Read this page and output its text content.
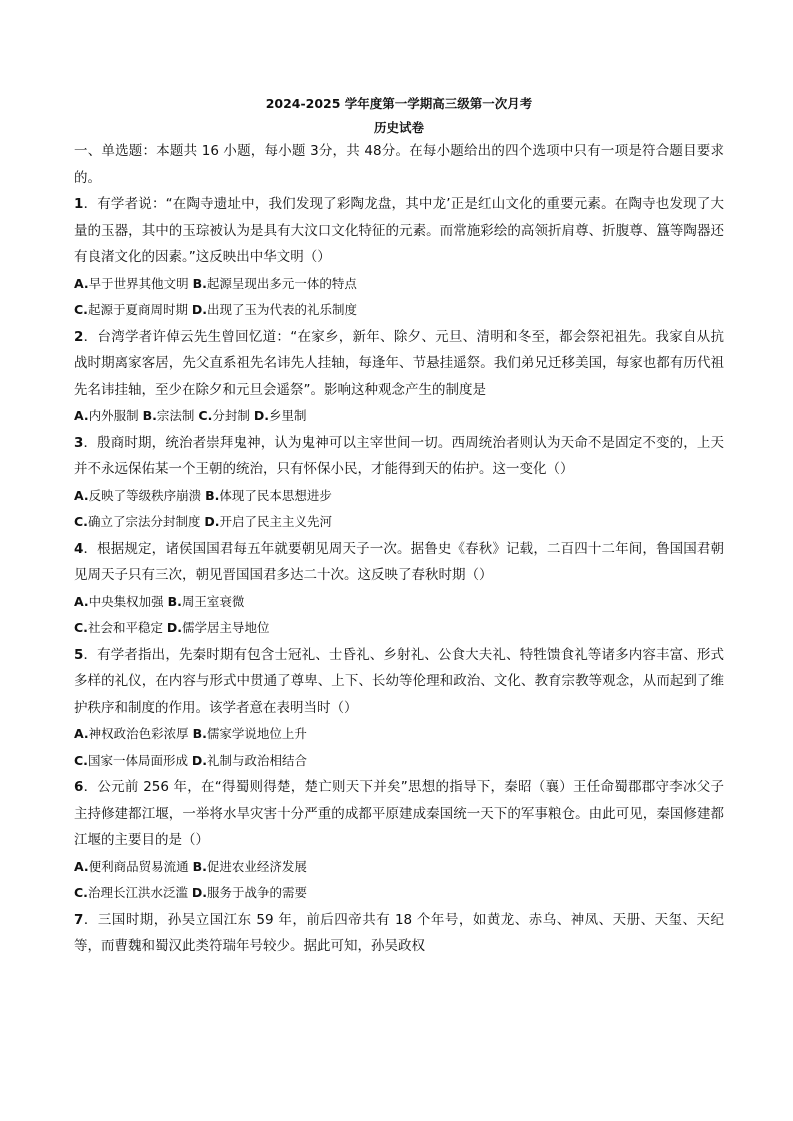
2024-2025 学年度第一学期高三级第一次月考

历史试卷

一、单选题：本题共 16 小题，每小题 3分，共 48分。在每小题给出的四个选项中只有一项是符合题目要求的。

1．有学者说：“在陶寺遗址中，我们发现了彩陶龙盘，其中龙’正是红山文化的重要元素。在陶寺也发现了大量的玉器，其中的玉琮被认为是具有大汶口文化特征的元素。而常施彩绘的高领折肩尊、折腹尊、簋等陶器还有良渚文化的因素。”这反映出中华文明（）

A.早于世界其他文明 B.起源呈现出多元一体的特点

C.起源于夏商周时期 D.出现了玉为代表的礼乐制度

2．台湾学者许倬云先生曾回忆道：“在家乡，新年、除夕、元旦、清明和冬至，都会祭祀祖先。我家自从抗战时期离家客居，先父直系祖先名讳先人挂轴，每逢年、节悬挂遥祭。我们弟兄迁移美国，每家也都有历代祖先名讳挂轴，至少在除夕和元旦会遥祭”。影响这种观念产生的制度是

A.内外服制 B.宗法制 C.分封制 D.乡里制

3．殷商时期，统治者崇拜鬼神，认为鬼神可以主宰世间一切。西周统治者则认为天命不是固定不变的，上天并不永远保佑某一个王朝的统治，只有怀保小民，才能得到天的佑护。这一变化（）

A.反映了等级秩序崩溃 B.体现了民本思想进步

C.确立了宗法分封制度 D.开启了民主主义先河

4．根据规定，诸侯国国君每五年就要朝见周天子一次。据鲁史《春秋》记载，二百四十二年间，鲁国国君朝见周天子只有三次，朝见晋国国君多达二十次。这反映了春秋时期（）

A.中央集权加强 B.周王室衰微

C.社会和平稳定 D.儒学居主导地位

5．有学者指出，先秦时期有包含士冠礼、士昏礼、乡射礼、公食大夫礼、特牲馈食礼等诸多内容丰富、形式多样的礼仪，在内容与形式中贯通了尊卑、上下、长幼等伦理和政治、文化、教育宗教等观念，从而起到了维护秩序和制度的作用。该学者意在表明当时（）

A.神权政治色彩浓厚 B.儒家学说地位上升

C.国家一体局面形成 D.礼制与政治相结合

6．公元前 256 年，在“得蜀则得楚，楚亡则天下并矣”思想的指导下，秦昭（襄）王任命蜀郡郡守李冰父子主持修建都江堰，一举将水旱灾害十分严重的成都平原建成秦国统一天下的军事粮仓。由此可见，秦国修建都江堰的主要目的是（）

A.便利商品贸易流通 B.促进农业经济发展

C.治理长江洪水泛滥 D.服务于战争的需要

7．三国时期，孙吴立国江东 59 年，前后四帝共有 18 个年号，如黄龙、赤乌、神凤、天册、天玺、天纪等，而曹魏和蜀汉此类符瑞年号较少。据此可知，孙吴政权
